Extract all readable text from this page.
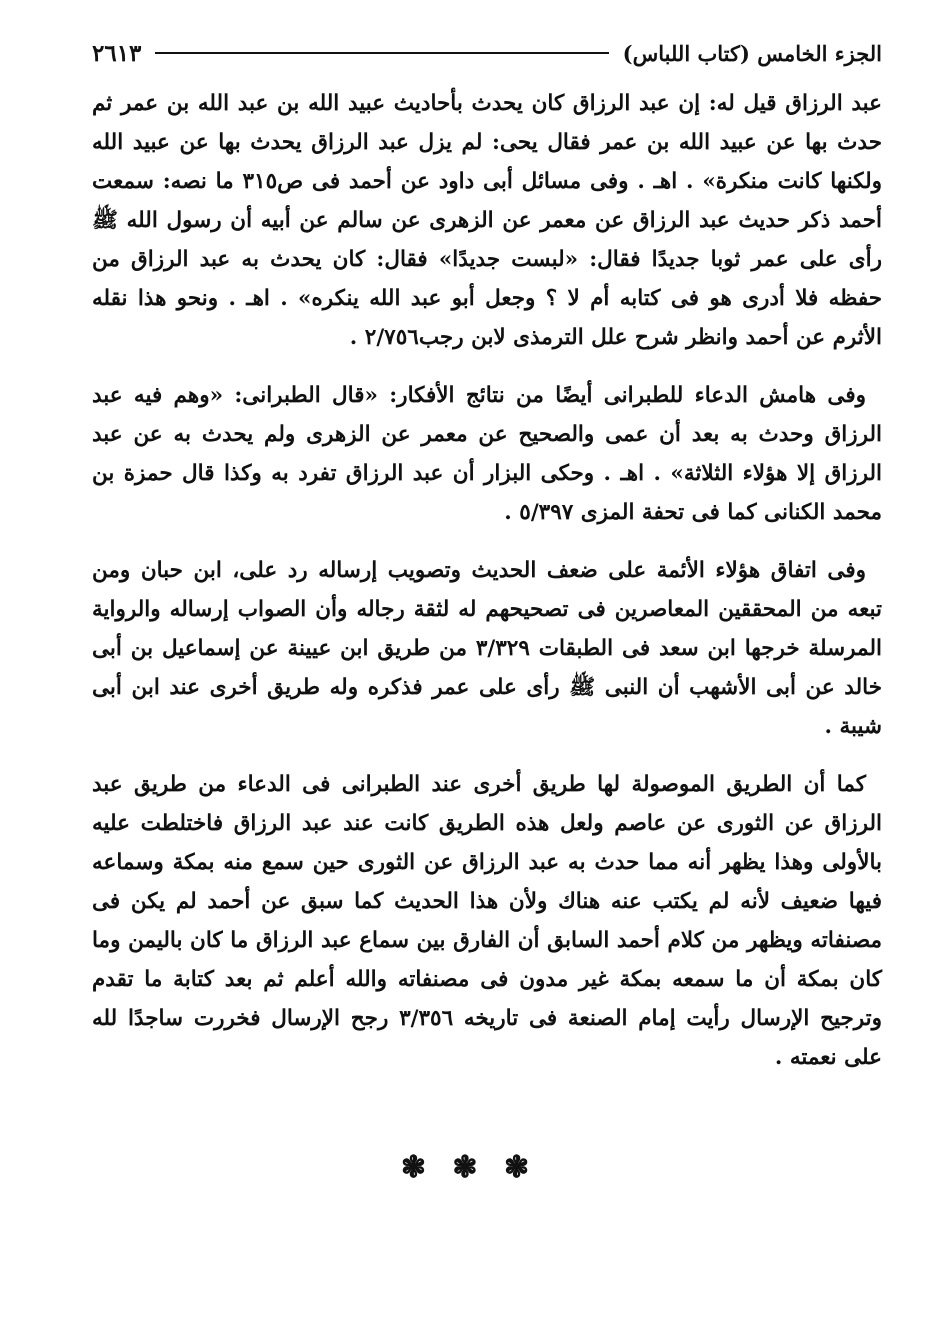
الجزء الخامس (كتاب اللباس)
٢٦١٣

عبد الرزاق قيل له: إن عبد الرزاق كان يحدث بأحاديث عبيد الله بن عبد الله بن عمر ثم حدث بها عن عبيد الله بن عمر فقال يحى: لم يزل عبد الرزاق يحدث بها عن عبيد الله ولكنها كانت منكرة» . اهـ . وفى مسائل أبى داود عن أحمد فى ص٣١٥ ما نصه: سمعت أحمد ذكر حديث عبد الرزاق عن معمر عن الزهرى عن سالم عن أبيه أن رسول الله ﷺ رأى على عمر ثوبا جديدًا فقال: «لبست جديدًا» فقال: كان يحدث به عبد الرزاق من حفظه فلا أدرى هو فى كتابه أم لا ؟ وجعل أبو عبد الله ينكره» . اهـ . ونحو هذا نقله الأثرم عن أحمد وانظر شرح علل الترمذى لابن رجب٢/٧٥٦ .

وفى هامش الدعاء للطبرانى أيضًا من نتائج الأفكار: «قال الطبرانى: «وهم فيه عبد الرزاق وحدث به بعد أن عمى والصحيح عن معمر عن الزهرى ولم يحدث به عن عبد الرزاق إلا هؤلاء الثلاثة» . اهـ . وحكى البزار أن عبد الرزاق تفرد به وكذا قال حمزة بن محمد الكنانى كما فى تحفة المزى ٥/٣٩٧ .

وفى اتفاق هؤلاء الأئمة على ضعف الحديث وتصويب إرساله رد على، ابن حبان ومن تبعه من المحققين المعاصرين فى تصحيحهم له لثقة رجاله وأن الصواب إرساله والرواية المرسلة خرجها ابن سعد فى الطبقات ٣/٣٢٩ من طريق ابن عيينة عن إسماعيل بن أبى خالد عن أبى الأشهب أن النبى ﷺ رأى على عمر فذكره وله طريق أخرى عند ابن أبى شيبة .

كما أن الطريق الموصولة لها طريق أخرى عند الطبرانى فى الدعاء من طريق عبد الرزاق عن الثورى عن عاصم ولعل هذه الطريق كانت عند عبد الرزاق فاختلطت عليه بالأولى وهذا يظهر أنه مما حدث به عبد الرزاق عن الثورى حين سمع منه بمكة وسماعه فيها ضعيف لأنه لم يكتب عنه هناك ولأن هذا الحديث كما سبق عن أحمد لم يكن فى مصنفاته ويظهر من كلام أحمد السابق أن الفارق بين سماع عبد الرزاق ما كان باليمن وما كان بمكة أن ما سمعه بمكة غير مدون فى مصنفاته والله أعلم ثم بعد كتابة ما تقدم وترجيح الإرسال رأيت إمام الصنعة فى تاريخه ٣/٣٥٦ رجح الإرسال فخررت ساجدًا لله على نعمته .

❃ ❃ ❃
